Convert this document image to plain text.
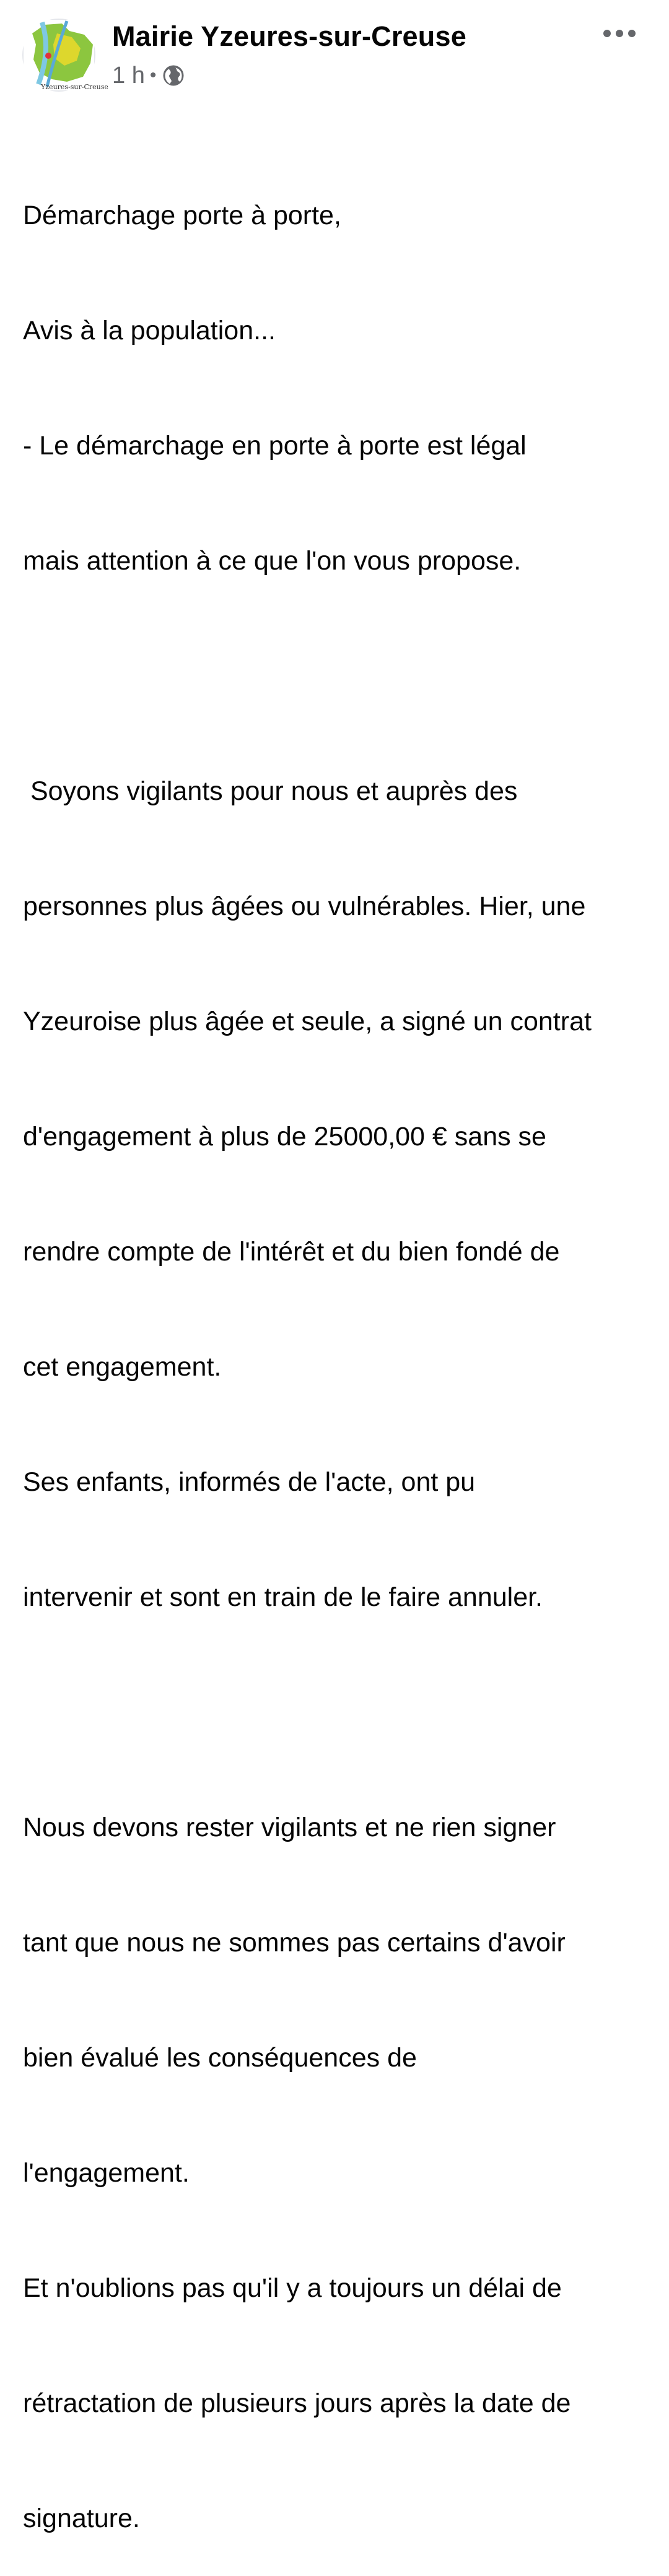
Yzeures-sur-Creuse
Mairie Yzeures-sur-Creuse
1 h •

Démarchage porte à porte,

Avis à la population...

- Le démarchage en porte à porte est légal

mais attention à ce que l'on vous propose.

Soyons vigilants pour nous et auprès des

personnes plus âgées ou vulnérables. Hier, une

Yzeuroise plus âgée et seule, a signé un contrat

d'engagement à plus de 25000,00 € sans se

rendre compte de l'intérêt et du bien fondé de

cet engagement.

Ses enfants, informés de l'acte, ont pu

intervenir et sont en train de le faire annuler.

Nous devons rester vigilants et ne rien signer

tant que nous ne sommes pas certains d'avoir

bien évalué les conséquences de

l'engagement.

Et n'oublions pas qu'il y a toujours un délai de

rétractation de plusieurs jours après la date de

signature.
